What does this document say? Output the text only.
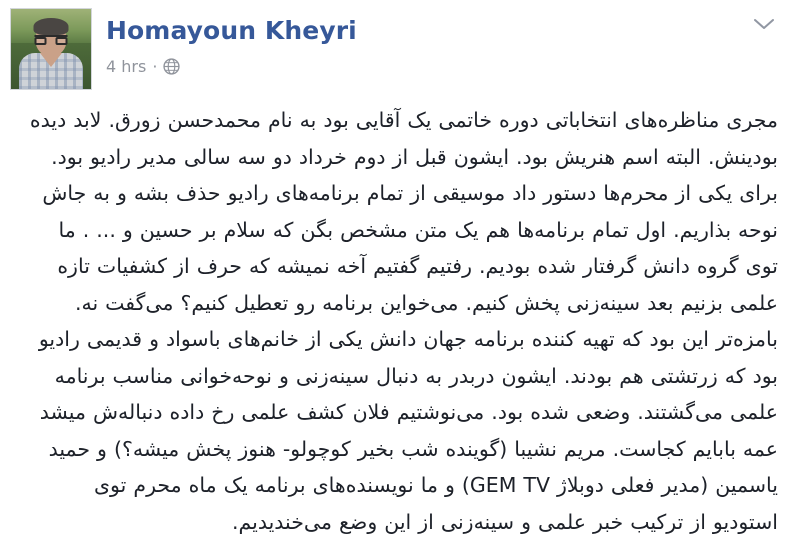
Homayoun Kheyri
4 hrs ·
مجری مناظره‌های انتخاباتی دوره خاتمی یک آقایی بود به نام محمدحسن زورق. لابد دیده بودینش. البته اسم هنریش بود. ایشون قبل از دوم خرداد دو سه سالی مدیر رادیو بود. برای یکی از محرم‌ها دستور داد موسیقی از تمام برنامه‌های رادیو حذف بشه و به جاش نوحه بذاریم. اول تمام برنامه‌ها هم یک متن مشخص بگن که سلام بر حسین و ... . ما توی گروه دانش گرفتار شده بودیم. رفتیم گفتیم آخه نمیشه که حرف از کشفیات تازه علمی بزنیم بعد سینه‌زنی پخش کنیم. می‌خواین برنامه رو تعطیل کنیم؟ می‌گفت نه. بامزه‌تر این بود که تهیه کننده برنامه جهان دانش یکی از خانم‌های باسواد و قدیمی رادیو بود که زرتشتی هم بودند. ایشون دربدر به دنبال سینه‌زنی و نوحه‌خوانی مناسب برنامه علمی می‌گشتند. وضعی شده بود. می‌نوشتیم فلان کشف علمی رخ داده دنباله‌ش میشد عمه بابایم کجاست. مریم نشیبا (گوینده شب بخیر کوچولو- هنوز پخش میشه؟) و حمید یاسمین (مدیر فعلی دوبلاژ GEM TV) و ما نویسنده‌های برنامه یک ماه محرم توی استودیو از ترکیب خبر علمی و سینه‌زنی از این وضع می‌خندیدیم.
